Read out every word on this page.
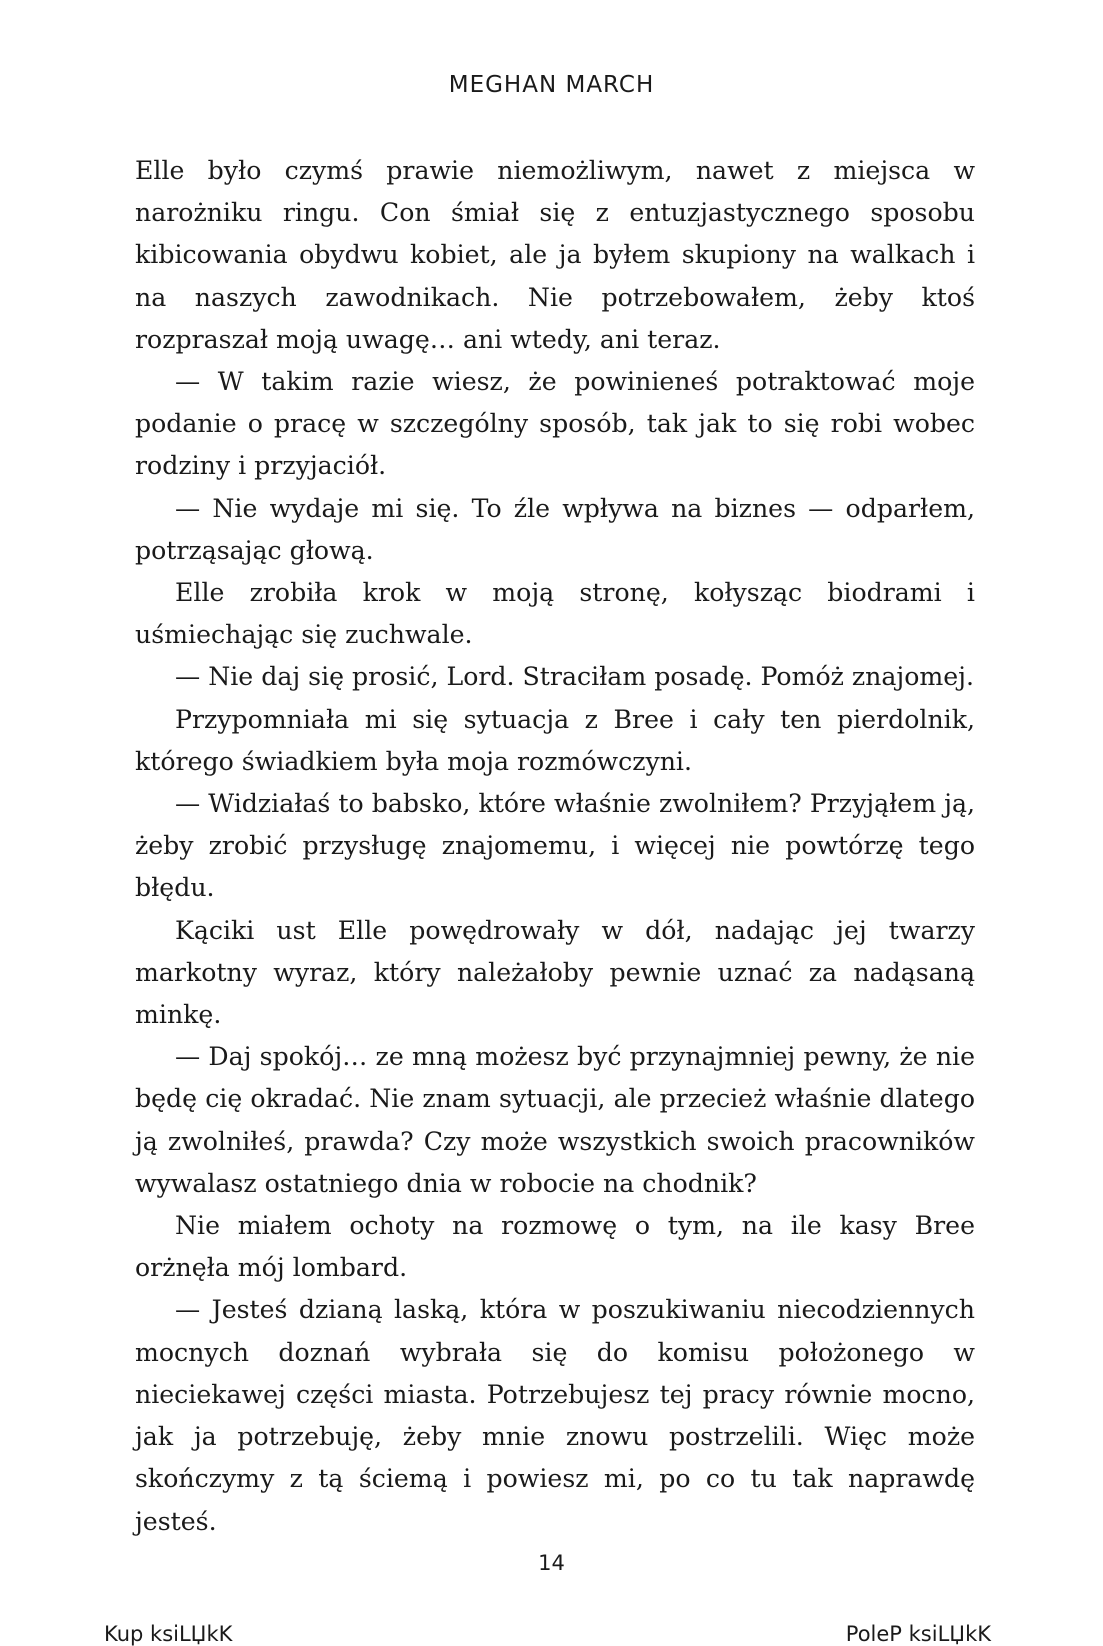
MEGHAN MARCH

Elle było czymś prawie niemożliwym, nawet z miejsca w narożniku ringu. Con śmiał się z entuzjastycznego sposobu kibicowania obydwu kobiet, ale ja byłem skupiony na walkach i na naszych zawodnikach. Nie potrzebowałem, żeby ktoś rozpraszał moją uwagę… ani wtedy, ani teraz.

— W takim razie wiesz, że powinieneś potraktować moje podanie o pracę w szczególny sposób, tak jak to się robi wobec rodziny i przyjaciół.

— Nie wydaje mi się. To źle wpływa na biznes — odparłem, potrząsając głową.

Elle zrobiła krok w moją stronę, kołysząc biodrami i uśmiechając się zuchwale.

— Nie daj się prosić, Lord. Straciłam posadę. Pomóż znajomej.

Przypomniała mi się sytuacja z Bree i cały ten pierdolnik, którego świadkiem była moja rozmówczyni.

— Widziałaś to babsko, które właśnie zwolniłem? Przyjąłem ją, żeby zrobić przysługę znajomemu, i więcej nie powtórzę tego błędu.

Kąciki ust Elle powędrowały w dół, nadając jej twarzy markotny wyraz, który należałoby pewnie uznać za nadąsaną minkę.

— Daj spokój… ze mną możesz być przynajmniej pewny, że nie będę cię okradać. Nie znam sytuacji, ale przecież właśnie dlatego ją zwolniłeś, prawda? Czy może wszystkich swoich pracowników wywalasz ostatniego dnia w robocie na chodnik?

Nie miałem ochoty na rozmowę o tym, na ile kasy Bree orżnęła mój lombard.

— Jesteś dzianą laską, która w poszukiwaniu niecodziennych mocnych doznań wybrała się do komisu położonego w nieciekawej części miasta. Potrzebujesz tej pracy równie mocno, jak ja potrzebuję, żeby mnie znowu postrzelili. Więc może skończymy z tą ściemą i powiesz mi, po co tu tak naprawdę jesteś.

14
Kup ksiLЏkK	PoleP ksiLЏkK
